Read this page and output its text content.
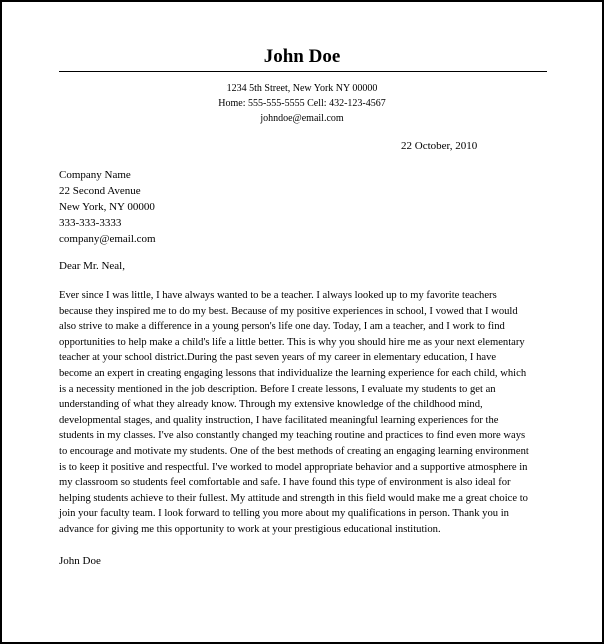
John Doe
1234 5th Street, New York NY 00000
Home: 555-555-5555 Cell: 432-123-4567
johndoe@email.com
22 October, 2010
Company Name
22 Second Avenue
New York, NY 00000
333-333-3333
company@email.com
Dear Mr. Neal,
Ever since I was little, I have always wanted to be a teacher. I always looked up to my favorite teachers
because they inspired me to do my best. Because of my positive experiences in school, I vowed that I would
also strive to make a difference in a young person's life one day. Today, I am a teacher, and I work to find
opportunities to help make a child's life a little better. This is why you should hire me as your next elementary
teacher at your school district.During the past seven years of my career in elementary education, I have
become an expert in creating engaging lessons that individualize the learning experience for each child, which
is a necessity mentioned in the job description. Before I create lessons, I evaluate my students to get an
understanding of what they already know. Through my extensive knowledge of the childhood mind,
developmental stages, and quality instruction, I have facilitated meaningful learning experiences for the
students in my classes. I've also constantly changed my teaching routine and practices to find even more ways
to encourage and motivate my students. One of the best methods of creating an engaging learning environment
is to keep it positive and respectful. I've worked to model appropriate behavior and a supportive atmosphere in
my classroom so students feel comfortable and safe. I have found this type of environment is also ideal for
helping students achieve to their fullest. My attitude and strength in this field would make me a great choice to
join your faculty team. I look forward to telling you more about my qualifications in person. Thank you in
advance for giving me this opportunity to work at your prestigious educational institution.
John Doe
